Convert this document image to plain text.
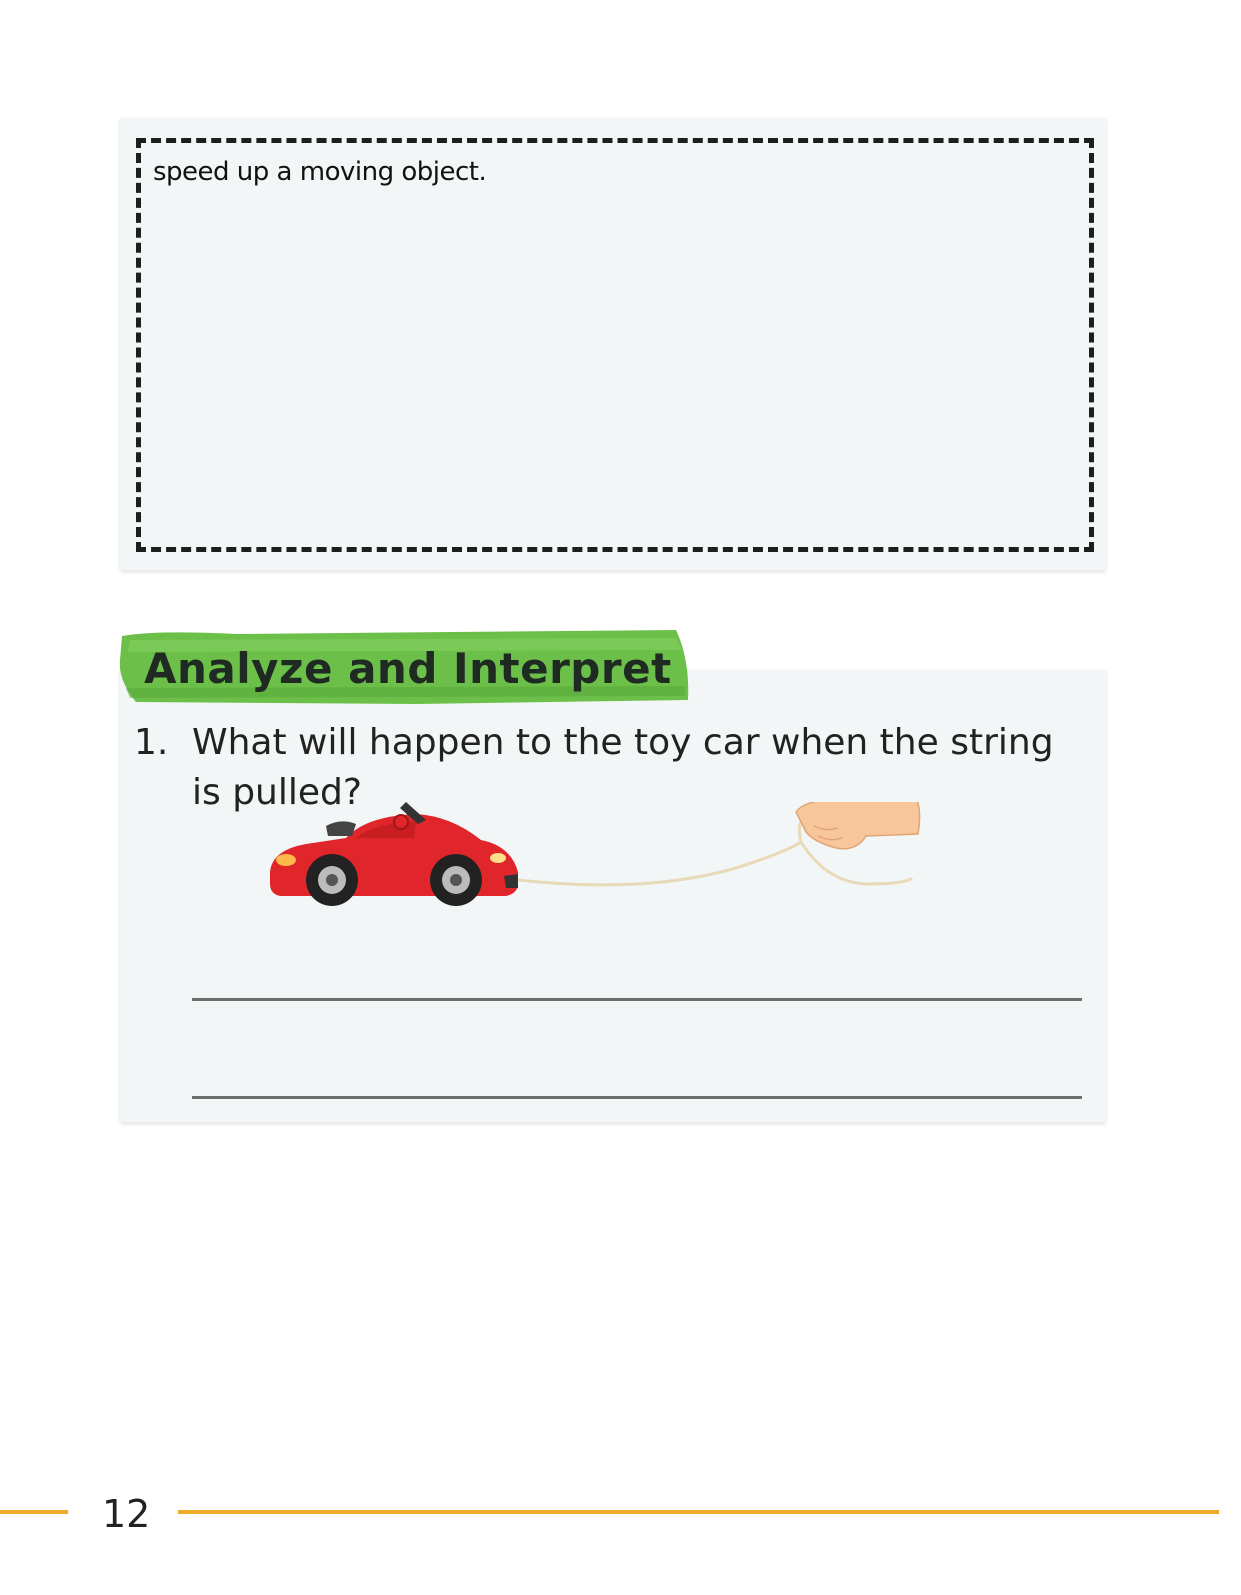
speed up a moving object.
1. What will happen to the toy car when the string is pulled?
Analyze and Interpret
12
